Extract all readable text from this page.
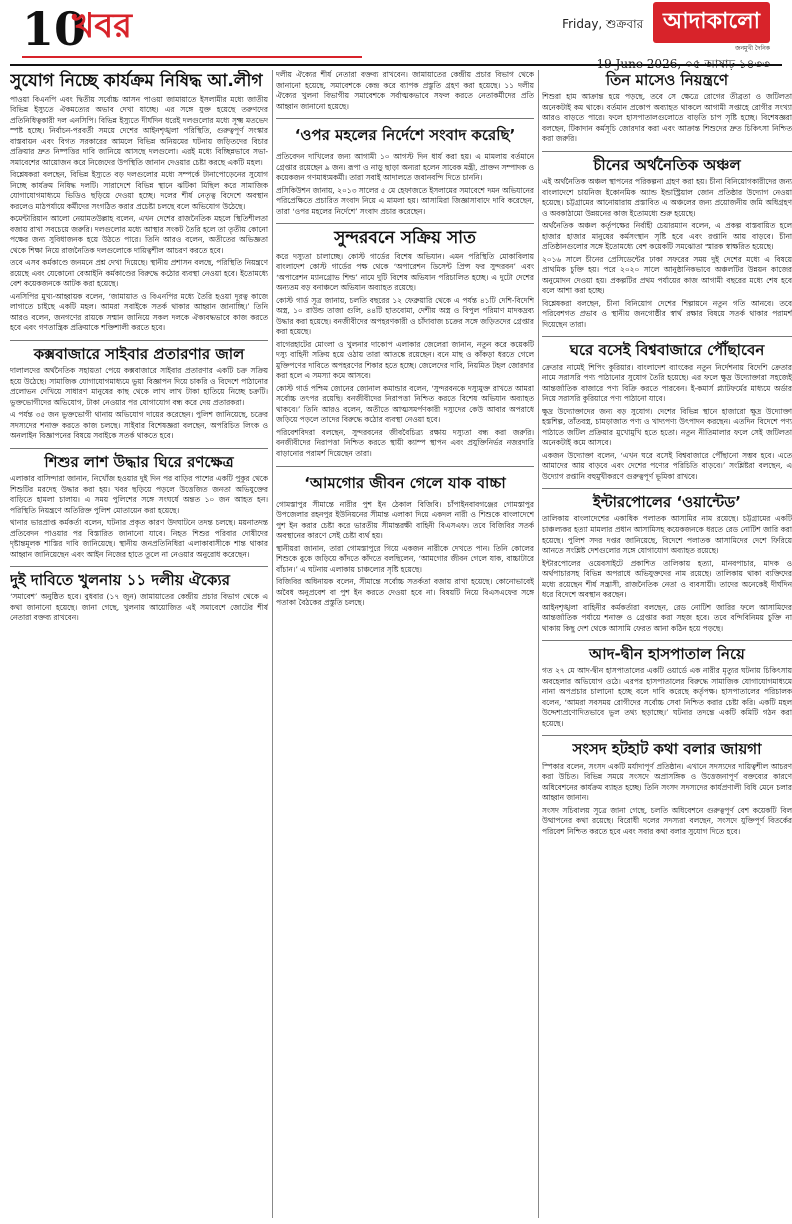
10
খবর	Friday, শুক্রবার আদাকালো
জনমুখী দৈনিক
19 June 2026, ০৫ আষাঢ় ১৪৩৩
সুযোগ নিচ্ছে কার্যক্রম নিষিদ্ধ আ.লীগ

পাওয়া বিএনপি এবং দ্বিতীয় সর্বোচ্চ আসন পাওয়া জামায়াতে ইসলামীর মধ্যে জাতীয় বিভিন্ন ইস্যুতে ঐকমত্যের অভাব দেখা যাচ্ছে। এর সঙ্গে যুক্ত হয়েছে তরুণদের প্রতিনিধিত্বকারী দল এনসিপি। বিভিন্ন ইস্যুতে দীর্ঘদিন ধরেই দলগুলোর মধ্যে সূক্ষ্ম মতভেদ স্পষ্ট হচ্ছে। নির্বাচন-পরবর্তী সময়ে দেশের আইনশৃঙ্খলা পরিস্থিতি, গুরুত্বপূর্ণ সংস্কার বাস্তবায়ন এবং বিগত সরকারের আমলে বিভিন্ন অনিয়মের ঘটনায় জড়িতদের বিচার প্রক্রিয়ার দ্রুত নিষ্পত্তির দাবি জানিয়ে আসছে দলগুলো। এরই মধ্যে বিচ্ছিন্নভাবে সভা-সমাবেশের আয়োজন করে নিজেদের উপস্থিতি জানান দেওয়ার চেষ্টা করছে একটি মহল।

বিশ্লেষকরা বলছেন, বিভিন্ন ইস্যুতে বড় দলগুলোর মধ্যে সম্পর্কে টানাপোড়েনের সুযোগ নিচ্ছে কার্যক্রম নিষিদ্ধ দলটি। সারাদেশে বিভিন্ন স্থানে ঝটিকা মিছিল করে সামাজিক যোগাযোগমাধ্যমে ভিডিও ছড়িয়ে দেওয়া হচ্ছে। দলের শীর্ষ নেতৃত্ব বিদেশে অবস্থান করলেও মাঠপর্যায়ে কর্মীদের সংগঠিত করার প্রচেষ্টা চলছে বলে অভিযোগ উঠেছে।

কমেন্টারিয়ান আলো নেয়ামতউল্লাহ বলেন, এখন দেশের রাজনৈতিক মহলে স্থিতিশীলতা বজায় রাখা সবচেয়ে জরুরি। দলগুলোর মধ্যে আস্থার সংকট তৈরি হলে তা তৃতীয় কোনো পক্ষের জন্য সুবিধাজনক হয়ে উঠতে পারে। তিনি আরও বলেন, অতীতের অভিজ্ঞতা থেকে শিক্ষা নিয়ে রাজনৈতিক দলগুলোকে দায়িত্বশীল আচরণ করতে হবে।

তবে এসব কর্মকাণ্ডে জনমনে প্রশ্ন দেখা দিয়েছে। স্থানীয় প্রশাসন বলছে, পরিস্থিতি নিয়ন্ত্রণে রয়েছে এবং যেকোনো বেআইনি কর্মকাণ্ডের বিরুদ্ধে কঠোর ব্যবস্থা নেওয়া হবে। ইতোমধ্যে বেশ কয়েকজনকে আটক করা হয়েছে।

এনসিপির মুখ্য-আহ্বায়ক বলেন, ‘জামায়াত ও বিএনপির মধ্যে তৈরি হওয়া দূরত্ব কাজে লাগাতে চাইছে একটি মহল। আমরা সবাইকে সতর্ক থাকার আহ্বান জানাচ্ছি।’ তিনি আরও বলেন, জনগণের রায়কে সম্মান জানিয়ে সকল দলকে ঐক্যবদ্ধভাবে কাজ করতে হবে এবং গণতান্ত্রিক প্রক্রিয়াকে শক্তিশালী করতে হবে।

কক্সবাজারে সাইবার প্রতারণার জাল

দালালদের অর্থনৈতিক সহায়তা পেয়ে কক্সবাজারে সাইবার প্রতারণার একটি চক্র সক্রিয় হয়ে উঠেছে। সামাজিক যোগাযোগমাধ্যমে ভুয়া বিজ্ঞাপন দিয়ে চাকরি ও বিদেশে পাঠানোর প্রলোভন দেখিয়ে সাধারণ মানুষের কাছ থেকে লাখ লাখ টাকা হাতিয়ে নিচ্ছে চক্রটি। ভুক্তভোগীদের অভিযোগ, টাকা নেওয়ার পর যোগাযোগ বন্ধ করে দেয় প্রতারকরা।

এ পর্যন্ত ৩৫ জন ভুক্তভোগী থানায় অভিযোগ দায়ের করেছেন। পুলিশ জানিয়েছে, চক্রের সদস্যদের শনাক্ত করতে কাজ চলছে। সাইবার বিশেষজ্ঞরা বলছেন, অপরিচিত লিংক ও অনলাইন বিজ্ঞাপনের বিষয়ে সবাইকে সতর্ক থাকতে হবে।

শিশুর লাশ উদ্ধার ঘিরে রণক্ষেত্র

এলাকার বাসিন্দারা জানান, নিখোঁজ হওয়ার দুই দিন পর বাড়ির পাশের একটি পুকুর থেকে শিশুটির মরদেহ উদ্ধার করা হয়। খবর ছড়িয়ে পড়লে উত্তেজিত জনতা অভিযুক্তের বাড়িতে হামলা চালায়। এ সময় পুলিশের সঙ্গে সংঘর্ষে অন্তত ১০ জন আহত হন। পরিস্থিতি নিয়ন্ত্রণে অতিরিক্ত পুলিশ মোতায়েন করা হয়েছে।

থানার ভারপ্রাপ্ত কর্মকর্তা বলেন, ঘটনার প্রকৃত কারণ উদঘাটনে তদন্ত চলছে। ময়নাতদন্ত প্রতিবেদন পাওয়ার পর বিস্তারিত জানানো যাবে। নিহত শিশুর পরিবার দোষীদের দৃষ্টান্তমূলক শাস্তির দাবি জানিয়েছে। স্থানীয় জনপ্রতিনিধিরা এলাকাবাসীকে শান্ত থাকার আহ্বান জানিয়েছেন এবং আইন নিজের হাতে তুলে না নেওয়ার অনুরোধ করেছেন।

দুই দাবিতে খুলনায় ১১ দলীয় ঐক্যের

‘সমাবেশ’ অনুষ্ঠিত হবে। বুধবার (১৭ জুন) জামায়াতের কেন্দ্রীয় প্রচার বিভাগ থেকে এ কথা জানানো হয়েছে। জানা গেছে, খুলনায় আয়োজিত এই সমাবেশে জোটের শীর্ষ নেতারা বক্তব্য রাখবেন।

দলীয় ঐক্যের শীর্ষ নেতারা বক্তব্য রাখবেন। জামায়াতের কেন্দ্রীয় প্রচার বিভাগ থেকে জানানো হয়েছে, সমাবেশকে কেন্দ্র করে ব্যাপক প্রস্তুতি গ্রহণ করা হয়েছে। ১১ দলীয় ঐক্যের খুলনা বিভাগীয় সমাবেশকে সর্বাত্মকভাবে সফল করতে নেতাকর্মীদের প্রতি আহ্বান জানানো হয়েছে।

‘ওপর মহলের নির্দেশে সংবাদ করেছি’

প্রতিবেদন দাখিলের জন্য আগামী ১০ আগস্ট দিন ধার্য করা হয়। এ মামলায় বর্তমানে গ্রেপ্তার রয়েছেন ৯ জন। রূপা ও নাড়ু ছাড়া অন্যরা হলেন সাবেক মন্ত্রী, প্রাক্তন সম্পাদক ও কয়েকজন গণমাধ্যমকর্মী। তারা সবাই আদালতে জবানবন্দি দিতে চাননি।

প্রসিকিউশন জানায়, ২০১৩ সালের ৫ মে হেফাজতে ইসলামের সমাবেশে দমন অভিযানের পরিপ্রেক্ষিতে প্রচারিত সংবাদ নিয়ে এ মামলা হয়। আসামিরা জিজ্ঞাসাবাদে দাবি করেছেন, তারা ‘ওপর মহলের নির্দেশে’ সংবাদ প্রচার করেছেন।

সুন্দরবনে সক্রিয় সাত

করে দস্যুতা চালাচ্ছে। কোস্ট গার্ডের বিশেষ অভিযান। এমন পরিস্থিতি মোকাবিলায় বাংলাদেশ কোস্ট গার্ডের পক্ষ থেকে ‘অপারেশন ডিসেন্ট প্রিন্স ফর সুন্দরবন’ এবং ‘অপারেশন ম্যানগ্রোভ শিল্ড’ নামে দুটি বিশেষ অভিযান পরিচালিত হচ্ছে। এ দুটো দেশের অন্যতম বড় বনাঞ্চলে অভিযান অব্যাহত রয়েছে।

কোস্ট গার্ড সূত্র জানায়, চলতি বছরের ১২ ফেব্রুয়ারি থেকে এ পর্যন্ত ৪১টি দেশি-বিদেশি অস্ত্র, ১০ রাউন্ড তাজা গুলি, ৪৪টি হাতবোমা, দেশীয় অস্ত্র ও বিপুল পরিমাণ মাদকদ্রব্য উদ্ধার করা হয়েছে। বনজীবীদের অপহরণকারী ও চাঁদাবাজ চক্রের সঙ্গে জড়িতদের গ্রেপ্তার করা হয়েছে।

বাগেরহাটের মোংলা ও খুলনার দাকোপ এলাকার জেলেরা জানান, নতুন করে কয়েকটি দস্যু বাহিনী সক্রিয় হয়ে ওঠায় তারা আতঙ্কে রয়েছেন। বনে মাছ ও কাঁকড়া ধরতে গেলে মুক্তিপণের দাবিতে অপহরণের শিকার হতে হচ্ছে। জেলেদের দাবি, নিয়মিত টহল জোরদার করা হলে এ সমস্যা কমে আসবে।

কোস্ট গার্ড পশ্চিম জোনের জোনাল কমান্ডার বলেন, ‘সুন্দরবনকে দস্যুমুক্ত রাখতে আমরা সর্বোচ্চ তৎপর রয়েছি। বনজীবীদের নিরাপত্তা নিশ্চিত করতে বিশেষ অভিযান অব্যাহত থাকবে।’ তিনি আরও বলেন, অতীতে আত্মসমর্পণকারী দস্যুদের কেউ আবার অপরাধে জড়িয়ে পড়লে তাদের বিরুদ্ধে কঠোর ব্যবস্থা নেওয়া হবে।

পরিবেশবিদরা বলছেন, সুন্দরবনের জীববৈচিত্র্য রক্ষায় দস্যুতা বন্ধ করা জরুরি। বনজীবীদের নিরাপত্তা নিশ্চিত করতে স্থায়ী ক্যাম্প স্থাপন এবং প্রযুক্তিনির্ভর নজরদারি বাড়ানোর পরামর্শ দিয়েছেন তারা।

‘আমগোর জীবন গেলে যাক বাচ্চা

গোমস্তাপুর সীমান্তে নারীর পুশ ইন ঠেকাল বিজিবি। চাঁপাইনবাবগঞ্জের গোমস্তাপুর উপজেলার রহনপুর ইউনিয়নের সীমান্ত এলাকা দিয়ে একদল নারী ও শিশুকে বাংলাদেশে পুশ ইন করার চেষ্টা করে ভারতীয় সীমান্তরক্ষী বাহিনী বিএসএফ। তবে বিজিবির সতর্ক অবস্থানের কারণে সেই চেষ্টা ব্যর্থ হয়।

স্থানীয়রা জানান, তারা গোমস্তাপুরে গিয়ে একজন নারীকে দেখতে পান। তিনি কোলের শিশুকে বুকে জড়িয়ে কাঁদতে কাঁদতে বলছিলেন, ‘আমগোর জীবন গেলে যাক, বাচ্চাটারে বাঁচান।’ এ ঘটনায় এলাকায় চাঞ্চল্যের সৃষ্টি হয়েছে।

বিজিবির অধিনায়ক বলেন, সীমান্তে সর্বোচ্চ সতর্কতা বজায় রাখা হয়েছে। কোনোভাবেই অবৈধ অনুপ্রবেশ বা পুশ ইন করতে দেওয়া হবে না। বিষয়টি নিয়ে বিএসএফের সঙ্গে পতাকা বৈঠকের প্রস্তুতি চলছে।

তিন মাসেও নিয়ন্ত্রণে

শিশুরা হাম আক্রান্ত হয়ে পড়ছে, তবে সে ক্ষেত্রে রোগের তীব্রতা ও জটিলতা অনেকটাই কম থাকে। বর্তমান প্রকোপ অব্যাহত থাকলে আগামী সপ্তাহে রোগীর সংখ্যা আরও বাড়তে পারে। ফলে হাসপাতালগুলোতে বাড়তি চাপ সৃষ্টি হচ্ছে। বিশেষজ্ঞরা বলছেন, টিকাদান কর্মসূচি জোরদার করা এবং আক্রান্ত শিশুদের দ্রুত চিকিৎসা নিশ্চিত করা জরুরি।

চীনের অর্থনৈতিক অঞ্চল

এই অর্থনৈতিক অঞ্চল স্থাপনের পরিকল্পনা গ্রহণ করা হয়। চীনা বিনিয়োগকারীদের জন্য বাংলাদেশে চায়নিজ ইকোনমিক অ্যান্ড ইন্ডাস্ট্রিয়াল জোন প্রতিষ্ঠার উদ্যোগ নেওয়া হয়েছে। চট্টগ্রামের আনোয়ারায় প্রস্তাবিত এ অঞ্চলের জন্য প্রয়োজনীয় জমি অধিগ্রহণ ও অবকাঠামো উন্নয়নের কাজ ইতোমধ্যে শুরু হয়েছে।

অর্থনৈতিক অঞ্চল কর্তৃপক্ষের নির্বাহী চেয়ারম্যান বলেন, এ প্রকল্প বাস্তবায়িত হলে হাজার হাজার মানুষের কর্মসংস্থান সৃষ্টি হবে এবং রপ্তানি আয় বাড়বে। চীনা প্রতিষ্ঠানগুলোর সঙ্গে ইতোমধ্যে বেশ কয়েকটি সমঝোতা স্মারক স্বাক্ষরিত হয়েছে।

২০১৬ সালে চীনের প্রেসিডেন্টের ঢাকা সফরের সময় দুই দেশের মধ্যে এ বিষয়ে প্রাথমিক চুক্তি হয়। পরে ২০২০ সালে আনুষ্ঠানিকভাবে অঞ্চলটির উন্নয়ন কাজের অনুমোদন দেওয়া হয়। প্রকল্পটির প্রথম পর্যায়ের কাজ আগামী বছরের মধ্যে শেষ হবে বলে আশা করা হচ্ছে।

বিশ্লেষকরা বলছেন, চীনা বিনিয়োগ দেশের শিল্পায়নে নতুন গতি আনবে। তবে পরিবেশগত প্রভাব ও স্থানীয় জনগোষ্ঠীর স্বার্থ রক্ষার বিষয়ে সতর্ক থাকার পরামর্শ দিয়েছেন তারা।

ঘরে বসেই বিশ্ববাজারে পৌঁছাবেন

ক্রেতার নামেই শিপিং কুরিয়ার। বাংলাদেশ ব্যাংকের নতুন নির্দেশনায় বিদেশি ক্রেতার নামে সরাসরি পণ্য পাঠানোর সুযোগ তৈরি হয়েছে। এর ফলে ক্ষুদ্র উদ্যোক্তারা সহজেই আন্তর্জাতিক বাজারে পণ্য বিক্রি করতে পারবেন। ই-কমার্স প্ল্যাটফর্মের মাধ্যমে অর্ডার নিয়ে সরাসরি কুরিয়ারে পণ্য পাঠানো যাবে।

ক্ষুদ্র উদ্যোক্তাদের জন্য বড় সুযোগ। দেশের বিভিন্ন স্থানে হাজারো ক্ষুদ্র উদ্যোক্তা হস্তশিল্প, তাঁতবস্ত্র, চামড়াজাত পণ্য ও খাদ্যপণ্য উৎপাদন করছেন। এতদিন বিদেশে পণ্য পাঠাতে জটিল প্রক্রিয়ার মুখোমুখি হতে হতো। নতুন নীতিমালার ফলে সেই জটিলতা অনেকটাই কমে আসবে।

একজন উদ্যোক্তা বলেন, ‘এখন ঘরে বসেই বিশ্ববাজারে পৌঁছানো সম্ভব হবে। এতে আমাদের আয় বাড়বে এবং দেশের পণ্যের পরিচিতি বাড়বে।’ সংশ্লিষ্টরা বলছেন, এ উদ্যোগ রপ্তানি বহুমুখীকরণে গুরুত্বপূর্ণ ভূমিকা রাখবে।

ইন্টারপোলের ‘ওয়ান্টেড’

তালিকায় বাংলাদেশের একাধিক পলাতক আসামির নাম রয়েছে। চট্টগ্রামের একটি চাঞ্চল্যকর হত্যা মামলার প্রধান আসামিসহ কয়েকজনকে ধরতে রেড নোটিশ জারি করা হয়েছে। পুলিশ সদর দপ্তর জানিয়েছে, বিদেশে পলাতক আসামিদের দেশে ফিরিয়ে আনতে সংশ্লিষ্ট দেশগুলোর সঙ্গে যোগাযোগ অব্যাহত রয়েছে।

ইন্টারপোলের ওয়েবসাইটে প্রকাশিত তালিকায় হত্যা, মানবপাচার, মাদক ও অর্থপাচারসহ বিভিন্ন অপরাধে অভিযুক্তদের নাম রয়েছে। তালিকায় থাকা ব্যক্তিদের মধ্যে রয়েছেন শীর্ষ সন্ত্রাসী, রাজনৈতিক নেতা ও ব্যবসায়ী। তাদের অনেকেই দীর্ঘদিন ধরে বিদেশে অবস্থান করছেন।

আইনশৃঙ্খলা বাহিনীর কর্মকর্তারা বলছেন, রেড নোটিশ জারির ফলে আসামিদের আন্তর্জাতিক পর্যায়ে শনাক্ত ও গ্রেপ্তার করা সহজ হবে। তবে বন্দিবিনিময় চুক্তি না থাকায় কিছু দেশ থেকে আসামি ফেরত আনা কঠিন হয়ে পড়ছে।

আদ-দ্বীন হাসপাতাল নিয়ে

গত ২৭ মে আদ-দ্বীন হাসপাতালের একটি ওয়ার্ডে এক নারীর মৃত্যুর ঘটনায় চিকিৎসায় অবহেলার অভিযোগ ওঠে। এরপর হাসপাতালের বিরুদ্ধে সামাজিক যোগাযোগমাধ্যমে নানা অপপ্রচার চালানো হচ্ছে বলে দাবি করেছে কর্তৃপক্ষ। হাসপাতালের পরিচালক বলেন, ‘আমরা সবসময় রোগীদের সর্বোচ্চ সেবা নিশ্চিত করার চেষ্টা করি। একটি মহল উদ্দেশ্যপ্রণোদিতভাবে ভুল তথ্য ছড়াচ্ছে।’ ঘটনার তদন্তে একটি কমিটি গঠন করা হয়েছে।

সংসদ হটহাট কথা বলার জায়গা

স্পিকার বলেন, সংসদ একটি মর্যাদাপূর্ণ প্রতিষ্ঠান। এখানে সদস্যদের দায়িত্বশীল আচরণ করা উচিত। বিভিন্ন সময়ে সংসদে অপ্রাসঙ্গিক ও উত্তেজনাপূর্ণ বক্তব্যের কারণে অধিবেশনের কার্যক্রম ব্যাহত হচ্ছে। তিনি সংসদ সদস্যদের কার্যপ্রণালী বিধি মেনে চলার আহ্বান জানান।

সংসদ সচিবালয় সূত্রে জানা গেছে, চলতি অধিবেশনে গুরুত্বপূর্ণ বেশ কয়েকটি বিল উত্থাপনের কথা রয়েছে। বিরোধী দলের সদস্যরা বলছেন, সংসদে যুক্তিপূর্ণ বিতর্কের পরিবেশ নিশ্চিত করতে হবে এবং সবার কথা বলার সুযোগ দিতে হবে।
